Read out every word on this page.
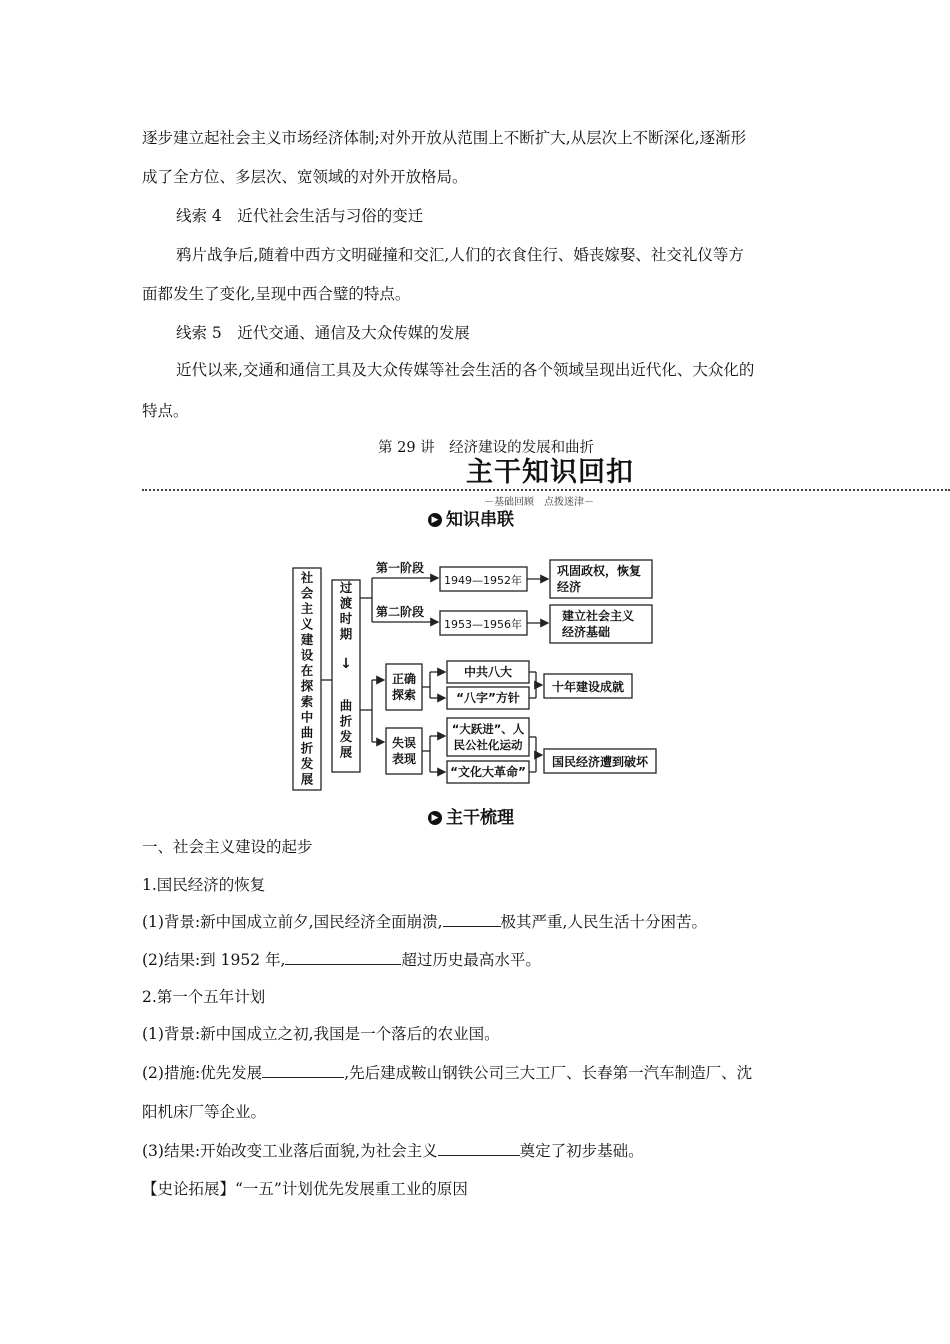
逐步建立起社会主义市场经济体制;对外开放从范围上不断扩大,从层次上不断深化,逐渐形
成了全方位、多层次、宽领域的对外开放格局。
线索 4　近代社会生活与习俗的变迁
鸦片战争后,随着中西方文明碰撞和交汇,人们的衣食住行、婚丧嫁娶、社交礼仪等方
面都发生了变化,呈现中西合璧的特点。
线索 5　近代交通、通信及大众传媒的发展
近代以来,交通和通信工具及大众传媒等社会生活的各个领域呈现出近代化、大众化的
特点。
第 29 讲　经济建设的发展和曲折
主干知识回扣
－基础回顾　点拨迷津－
▶ 知识串联
社会主义建设在探索中曲折发展
过渡时期
↓
曲折发展
第一阶段
第二阶段
1949—1952年
1953—1956年
巩固政权，恢复
经济
建立社会主义
经济基础
正确
探索
失误
表现
中共八大
“八字”方针
“大跃进”、人
民公社化运动
“文化大革命”
十年建设成就
国民经济遭到破坏
▶ 主干梳理
一、社会主义建设的起步
1.国民经济的恢复
(1)背景:新中国成立前夕,国民经济全面崩溃,	极其严重,人民生活十分困苦。
(2)结果:到 1952 年,	超过历史最高水平。
2.第一个五年计划
(1)背景:新中国成立之初,我国是一个落后的农业国。
(2)措施:优先发展	,先后建成鞍山钢铁公司三大工厂、长春第一汽车制造厂、沈
阳机床厂等企业。
(3)结果:开始改变工业落后面貌,为社会主义	奠定了初步基础。
【史论拓展】“一五”计划优先发展重工业的原因
